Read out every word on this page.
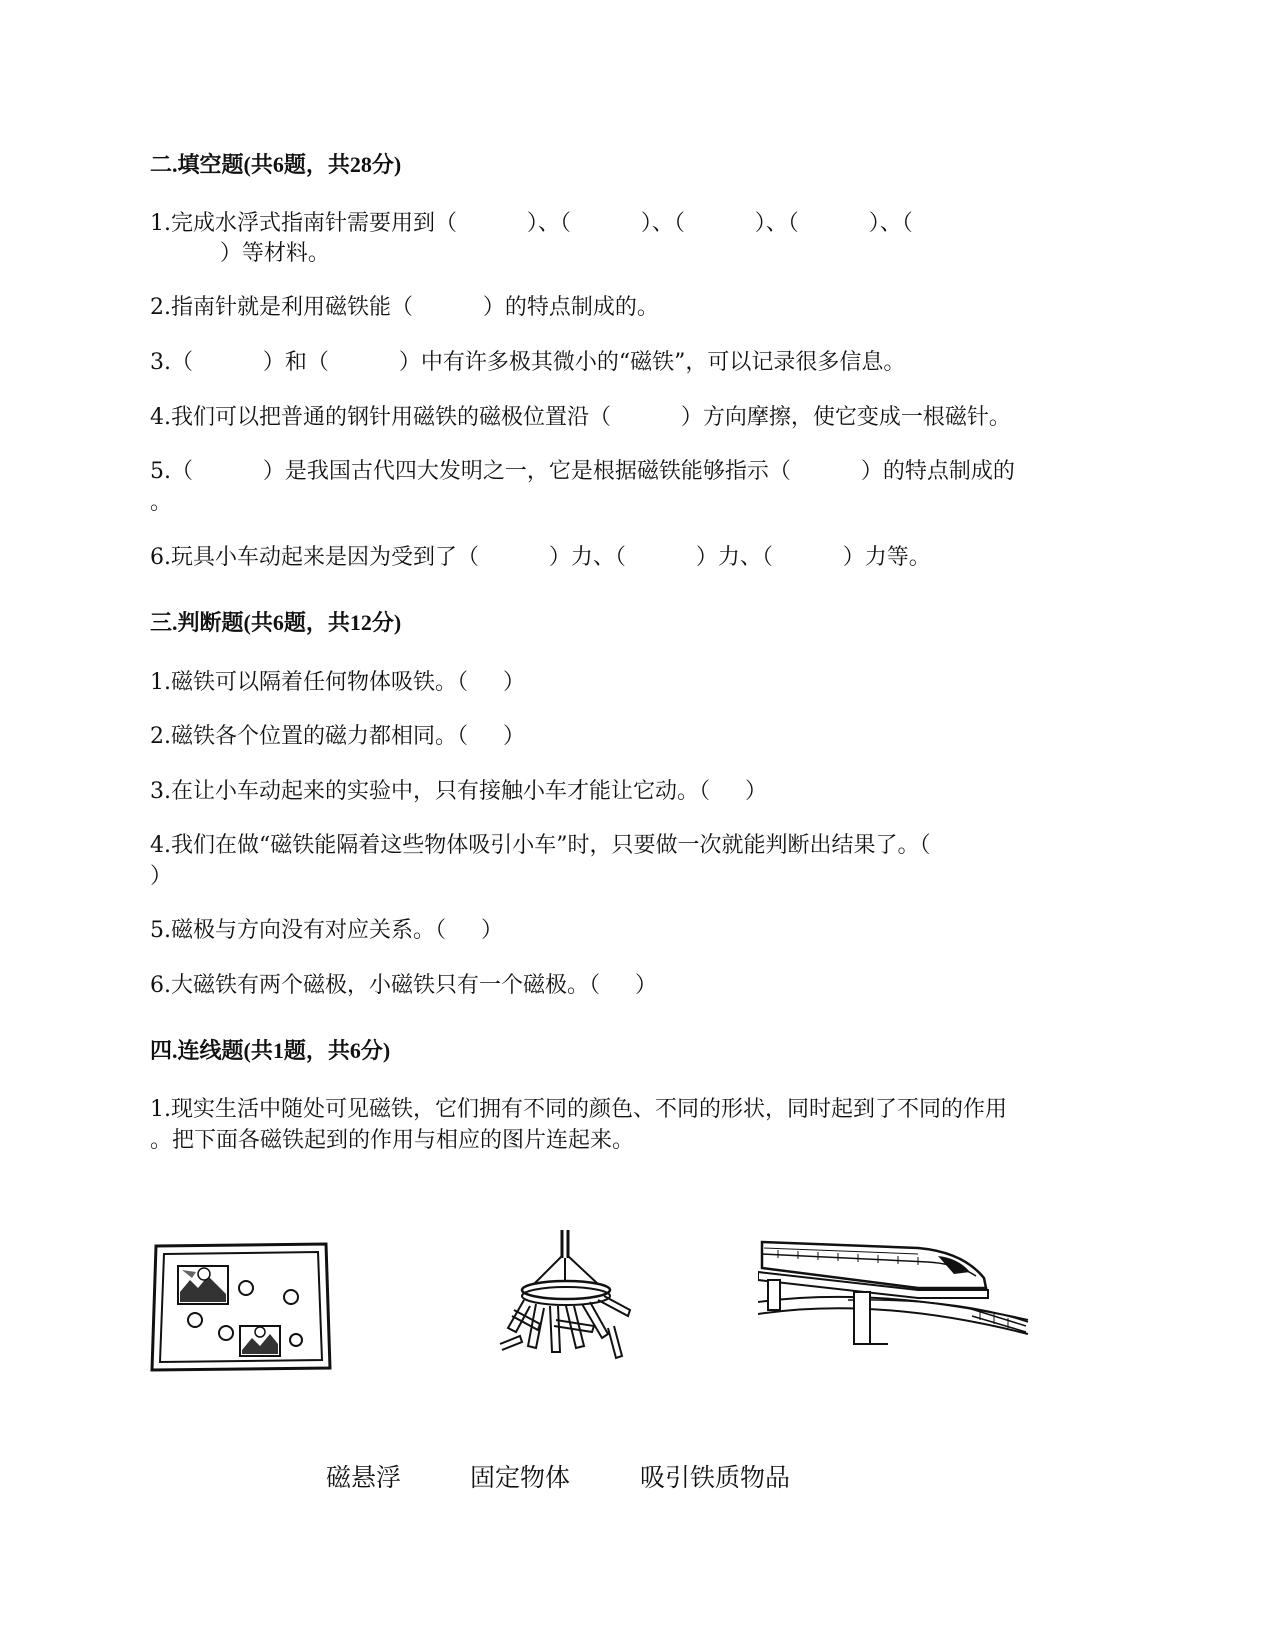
二.填空题(共6题，共28分)
1.完成水浮式指南针需要用到（          ）、（          ）、（          ）、（          ）、（
）等材料。
2.指南针就是利用磁铁能（          ）的特点制成的。
3.（          ）和（          ）中有许多极其微小的“磁铁”，可以记录很多信息。
4.我们可以把普通的钢针用磁铁的磁极位置沿（          ）方向摩擦，使它变成一根磁针。
5.（          ）是我国古代四大发明之一，它是根据磁铁能够指示（          ）的特点制成的
。
6.玩具小车动起来是因为受到了（          ）力、（          ）力、（          ）力等。
三.判断题(共6题，共12分)
1.磁铁可以隔着任何物体吸铁。（     ）
2.磁铁各个位置的磁力都相同。（     ）
3.在让小车动起来的实验中，只有接触小车才能让它动。（     ）
4.我们在做“磁铁能隔着这些物体吸引小车”时，只要做一次就能判断出结果了。（
）
5.磁极与方向没有对应关系。（     ）
6.大磁铁有两个磁极，小磁铁只有一个磁极。（     ）
四.连线题(共1题，共6分)
1.现实生活中随处可见磁铁，它们拥有不同的颜色、不同的形状，同时起到了不同的作用
。把下面各磁铁起到的作用与相应的图片连起来。
磁悬浮	固定物体	吸引铁质物品
